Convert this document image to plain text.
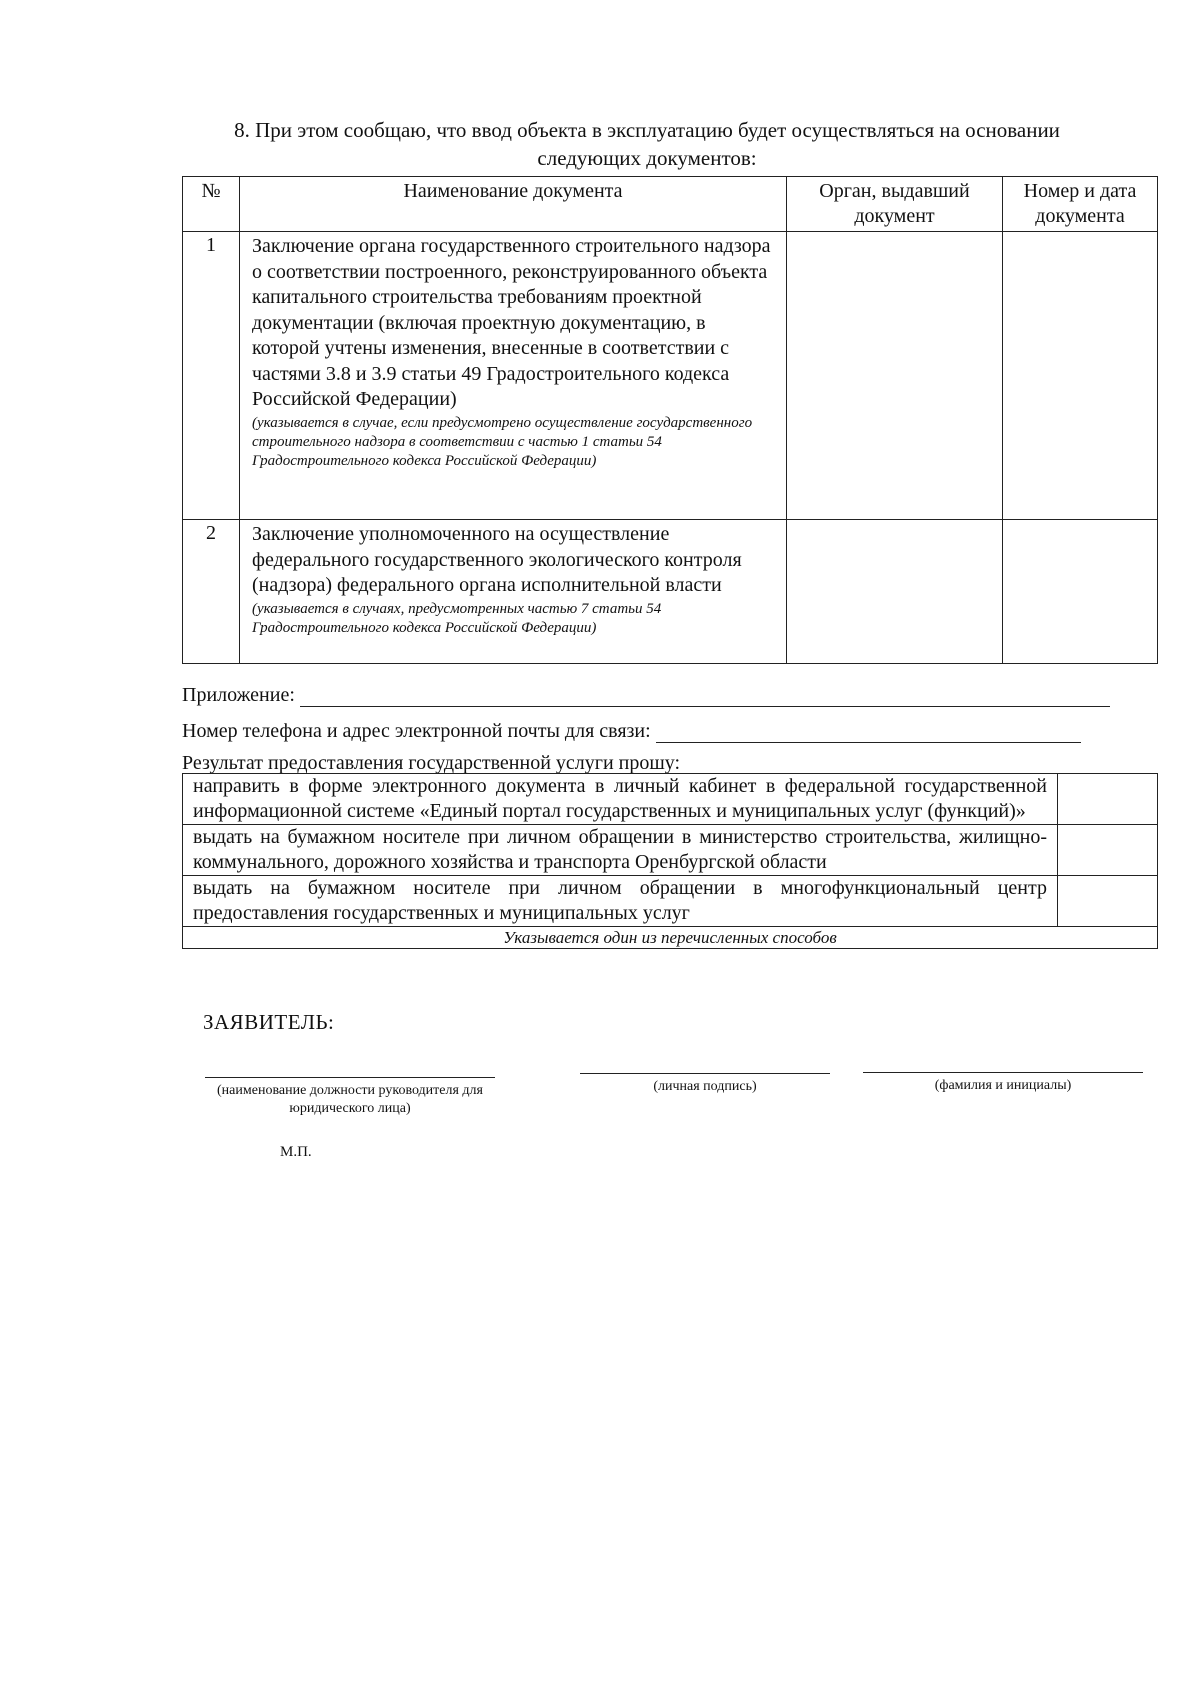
8. При этом сообщаю, что ввод объекта в эксплуатацию будет осуществляться на основании
следующих документов:
№	Наименование документа	Орган, выдавший документ	Номер и дата документа
1	Заключение органа государственного строительного надзора о соответствии построенного, реконструированного объекта капитального строительства требованиям проектной документации (включая проектную документацию, в которой учтены изменения, внесенные в соответствии с частями 3.8 и 3.9 статьи 49 Градостроительного кодекса Российской Федерации)
(указывается в случае, если предусмотрено осуществление государственного строительного надзора в соответствии с частью 1 статьи 54 Градостроительного кодекса Российской Федерации)		

2	Заключение уполномоченного на осуществление федерального государственного экологического контроля (надзора) федерального органа исполнительной власти
(указывается в случаях, предусмотренных частью 7 статьи 54 Градостроительного кодекса Российской Федерации)		

Приложение:
Номер телефона и адрес электронной почты для связи:
Результат предоставления государственной услуги прошу:
направить в форме электронного документа в личный кабинет в федеральной государственной информационной системе «Единый портал государственных и муниципальных услуг (функций)»	
выдать на бумажном носителе при личном обращении в министерство строительства, жилищно-коммунального, дорожного хозяйства и транспорта Оренбургской области	
выдать на бумажном носителе при личном обращении в многофункциональный центр предоставления государственных и муниципальных услуг	
Указывается один из перечисленных способов	
ЗАЯВИТЕЛЬ:
(наименование должности руководителя для юридического лица)
(личная подпись)	(фамилия и инициалы)
М.П.
